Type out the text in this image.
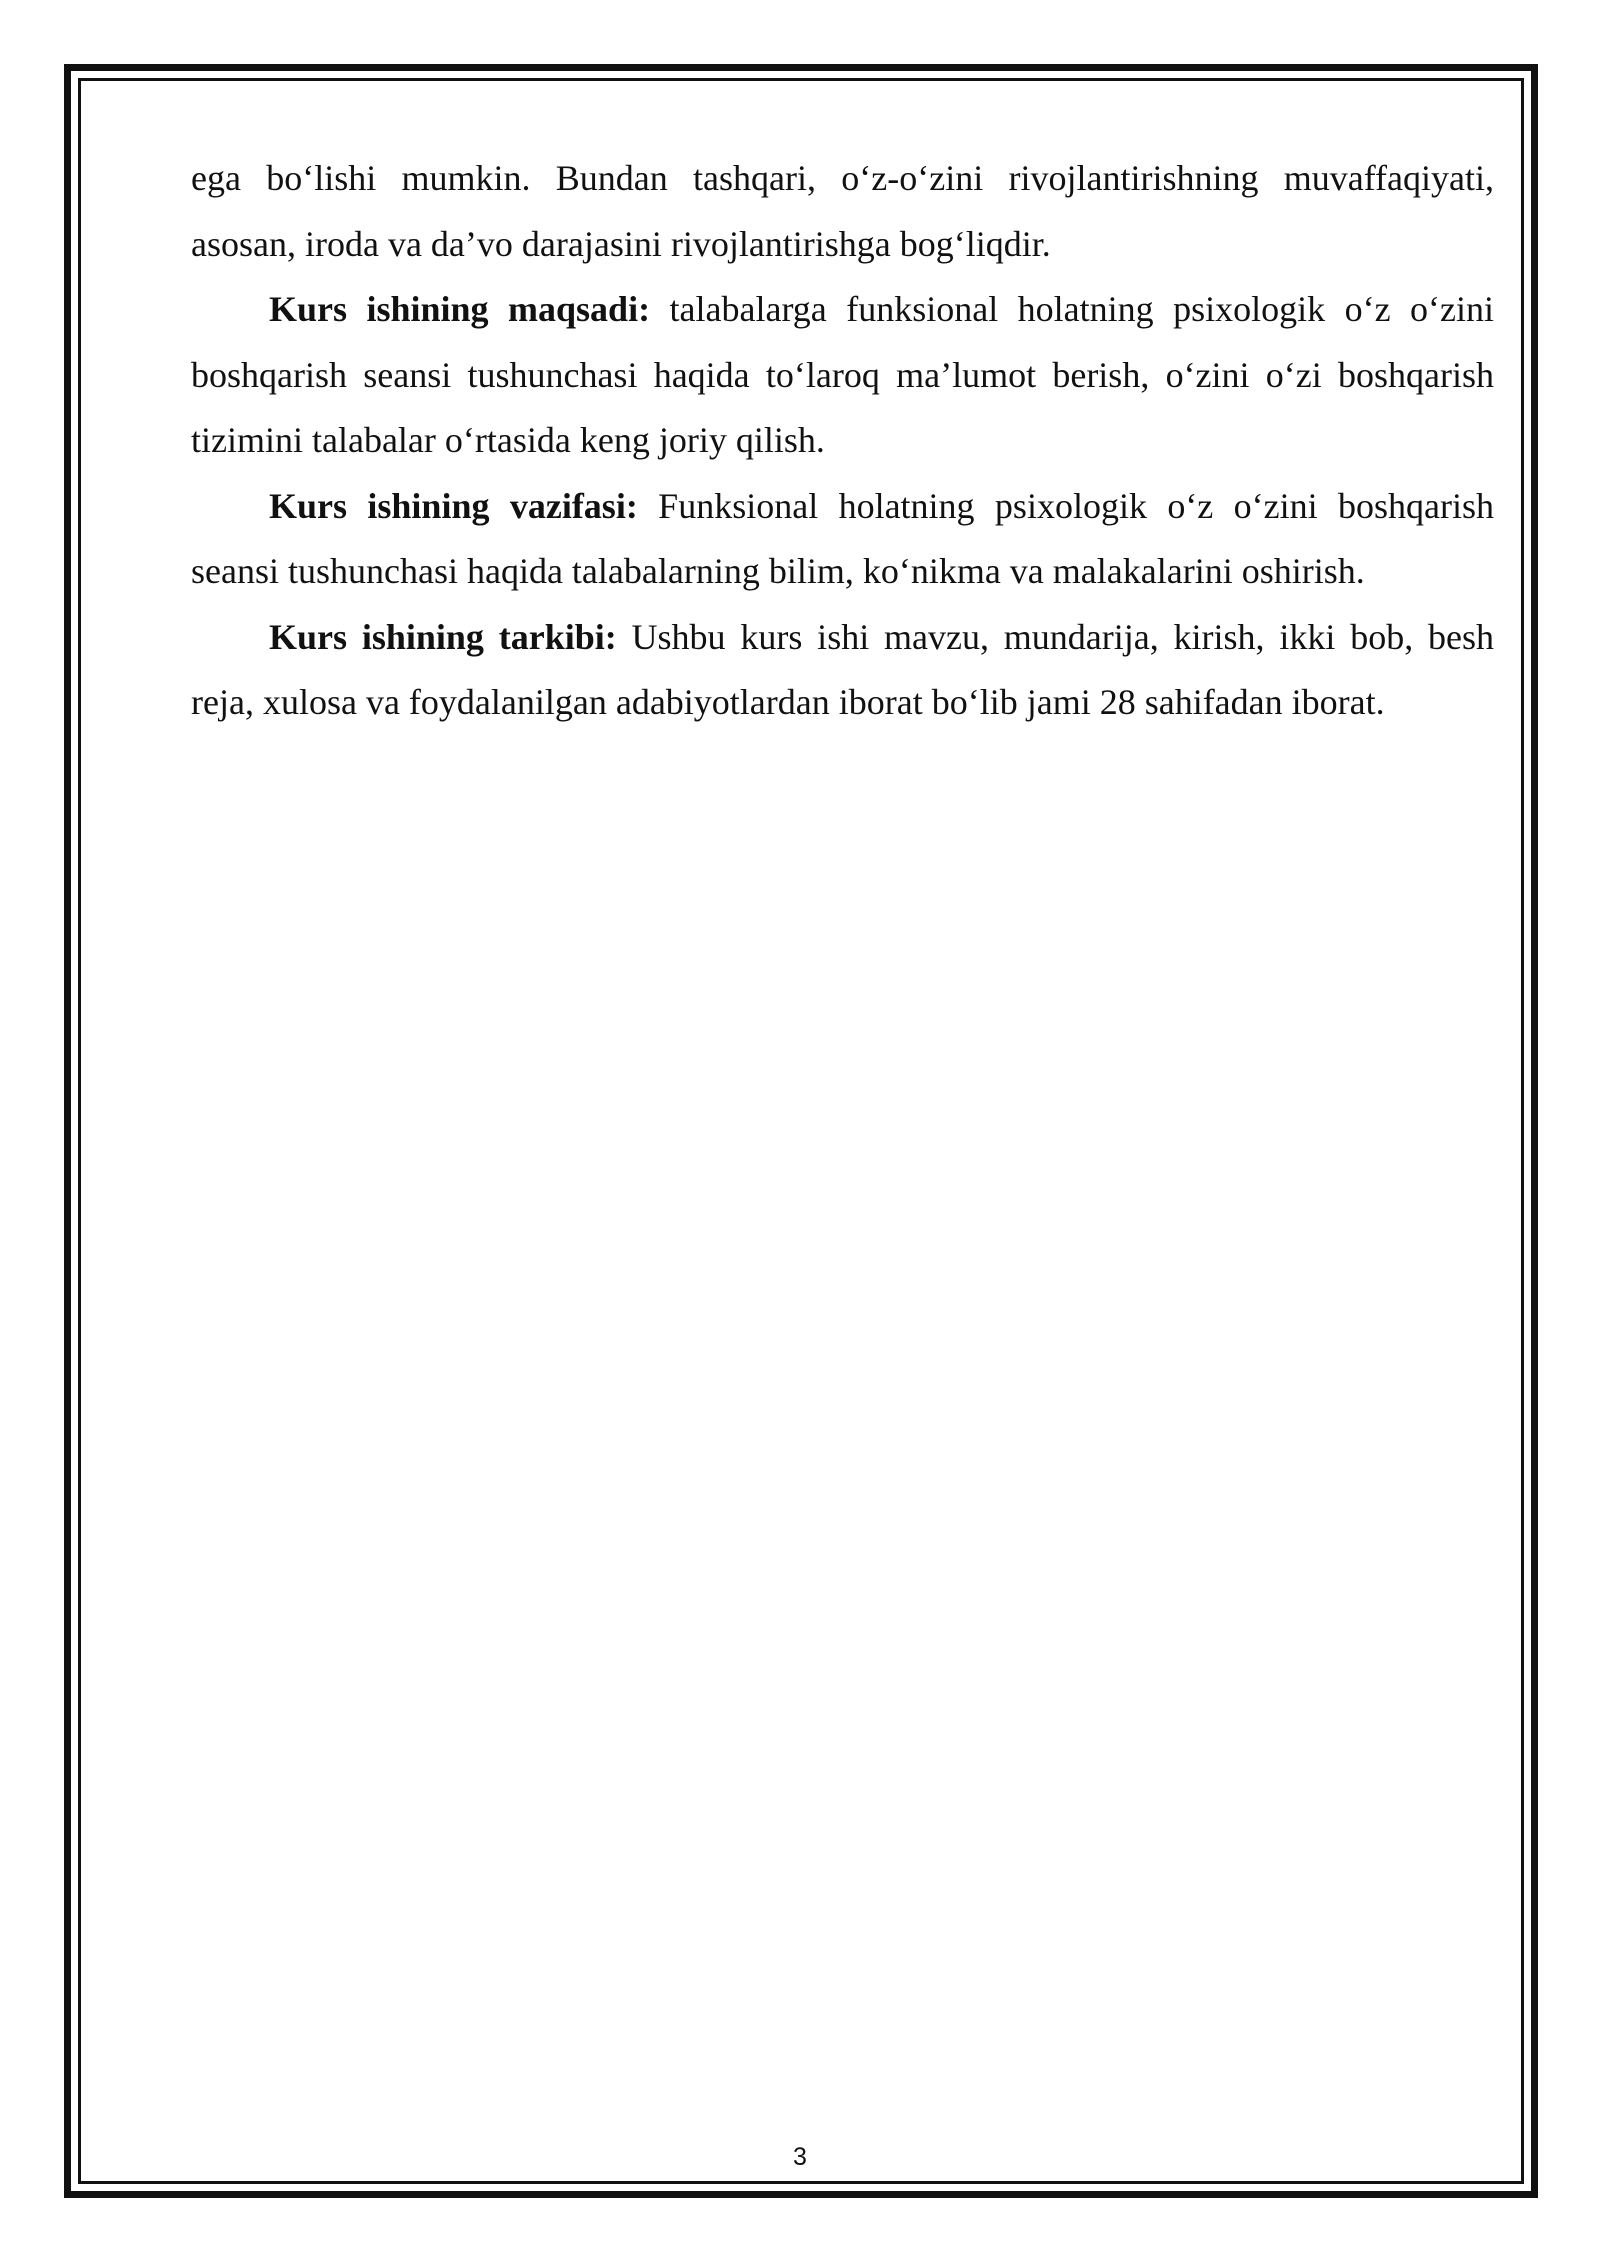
ega bo‘lishi mumkin. Bundan tashqari, o‘z-o‘zini rivojlantirishning muvaffaqiyati, asosan, iroda va da’vo darajasini rivojlantirishga bog‘liqdir.

Kurs ishining maqsadi: talabalarga funksional holatning psixologik o‘z o‘zini boshqarish seansi tushunchasi haqida to‘laroq ma’lumot berish, o‘zini o‘zi boshqarish tizimini talabalar o‘rtasida keng joriy qilish.

Kurs ishining vazifasi: Funksional holatning psixologik o‘z o‘zini boshqarish seansi tushunchasi haqida talabalarning bilim, ko‘nikma va malakalarini oshirish.

Kurs ishining tarkibi: Ushbu kurs ishi mavzu, mundarija, kirish, ikki bob, besh reja, xulosa va foydalanilgan adabiyotlardan iborat bo‘lib jami 28 sahifadan iborat.

3
